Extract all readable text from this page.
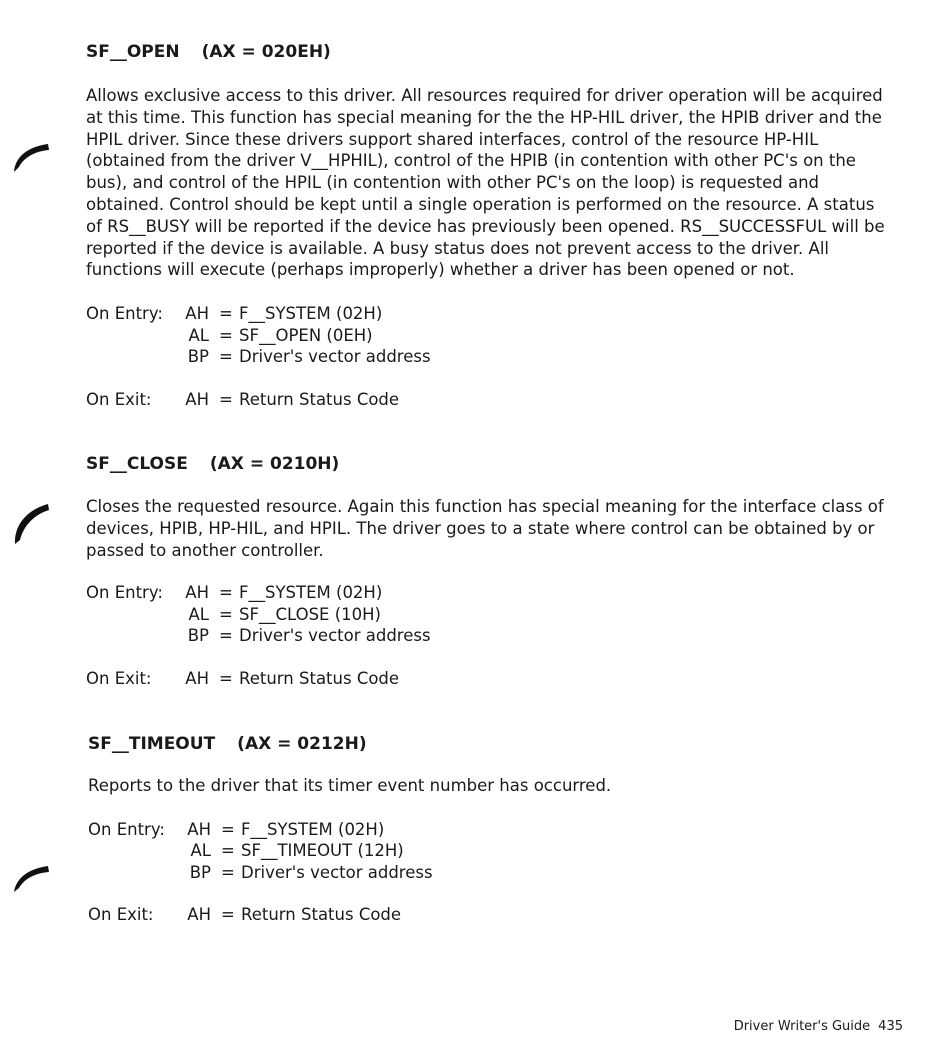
SF__OPEN (AX = 020EH)

Allows exclusive access to this driver. All resources required for driver operation will be acquired at this time. This function has special meaning for the the HP-HIL driver, the HPIB driver and the HPIL driver. Since these drivers support shared interfaces, control of the resource HP-HIL (obtained from the driver V__HPHIL), control of the HPIB (in contention with other PC's on the bus), and control of the HPIL (in contention with other PC's on the loop) is requested and obtained. Control should be kept until a single operation is performed on the resource. A status of RS__BUSY will be reported if the device has previously been opened. RS__SUCCESSFUL will be reported if the device is available. A busy status does not prevent access to the driver. All functions will execute (perhaps improperly) whether a driver has been opened or not.

On Entry: AH = F__SYSTEM (02H)
AL = SF__OPEN (0EH)
BP = Driver's vector address
On Exit: AH = Return Status Code

SF__CLOSE (AX = 0210H)

Closes the requested resource. Again this function has special meaning for the interface class of devices, HPIB, HP-HIL, and HPIL. The driver goes to a state where control can be obtained by or passed to another controller.

On Entry: AH = F__SYSTEM (02H)
AL = SF__CLOSE (10H)
BP = Driver's vector address
On Exit: AH = Return Status Code

SF__TIMEOUT (AX = 0212H)

Reports to the driver that its timer event number has occurred.

On Entry: AH = F__SYSTEM (02H)
AL = SF__TIMEOUT (12H)
BP = Driver's vector address
On Exit: AH = Return Status Code
Driver Writer's Guide 435
